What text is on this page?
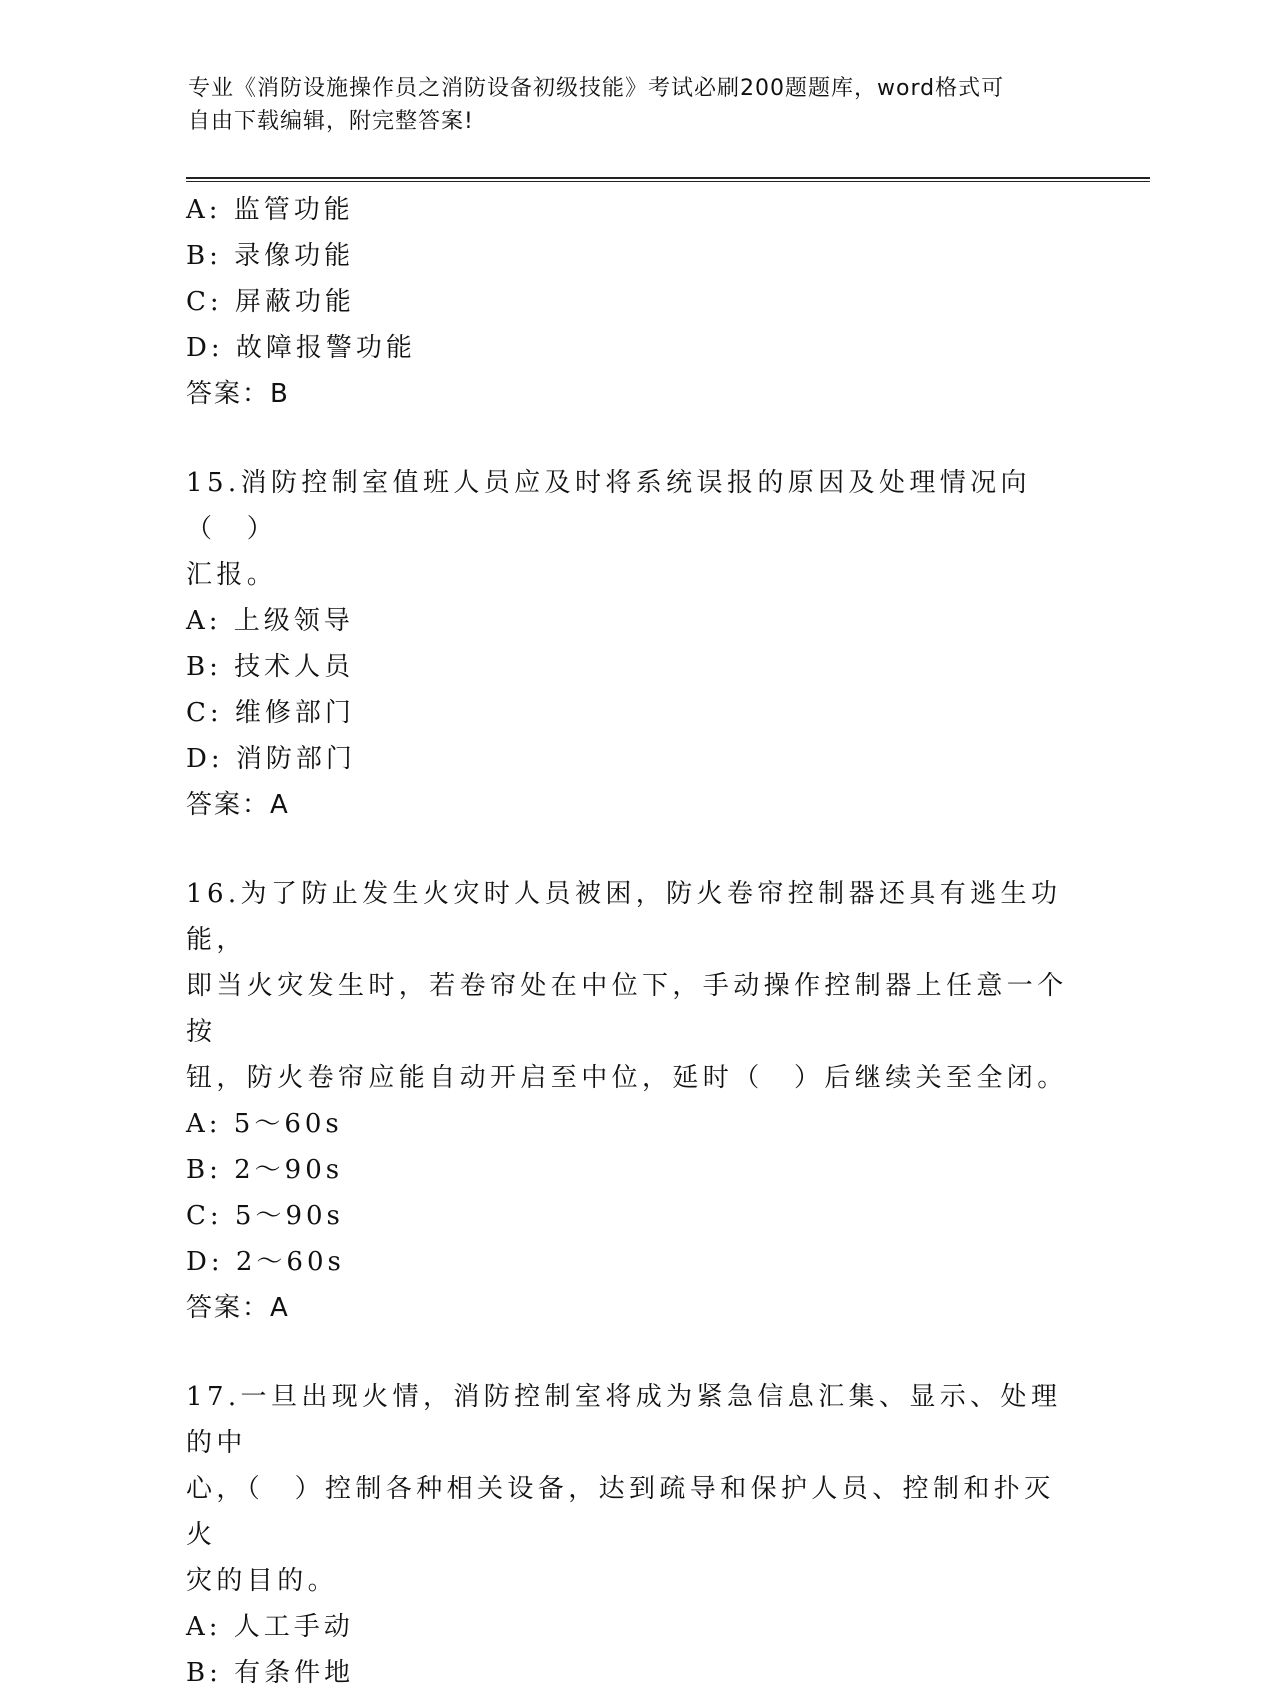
专业《消防设施操作员之消防设备初级技能》考试必刷200题题库，word格式可
自由下载编辑，附完整答案!
A: 监管功能
B: 录像功能
C: 屏蔽功能
D: 故障报警功能
答案：B
15.消防控制室值班人员应及时将系统误报的原因及处理情况向（　）
汇报。
A: 上级领导
B: 技术人员
C: 维修部门
D: 消防部门
答案：A
16.为了防止发生火灾时人员被困，防火卷帘控制器还具有逃生功能，
即当火灾发生时，若卷帘处在中位下，手动操作控制器上任意一个按
钮，防火卷帘应能自动开启至中位，延时（　）后继续关至全闭。
A: 5～60s
B: 2～90s
C: 5～90s
D: 2～60s
答案：A
17.一旦出现火情，消防控制室将成为紧急信息汇集、显示、处理的中
心，（　）控制各种相关设备，达到疏导和保护人员、控制和扑灭火
灾的目的。
A: 人工手动
B: 有条件地
